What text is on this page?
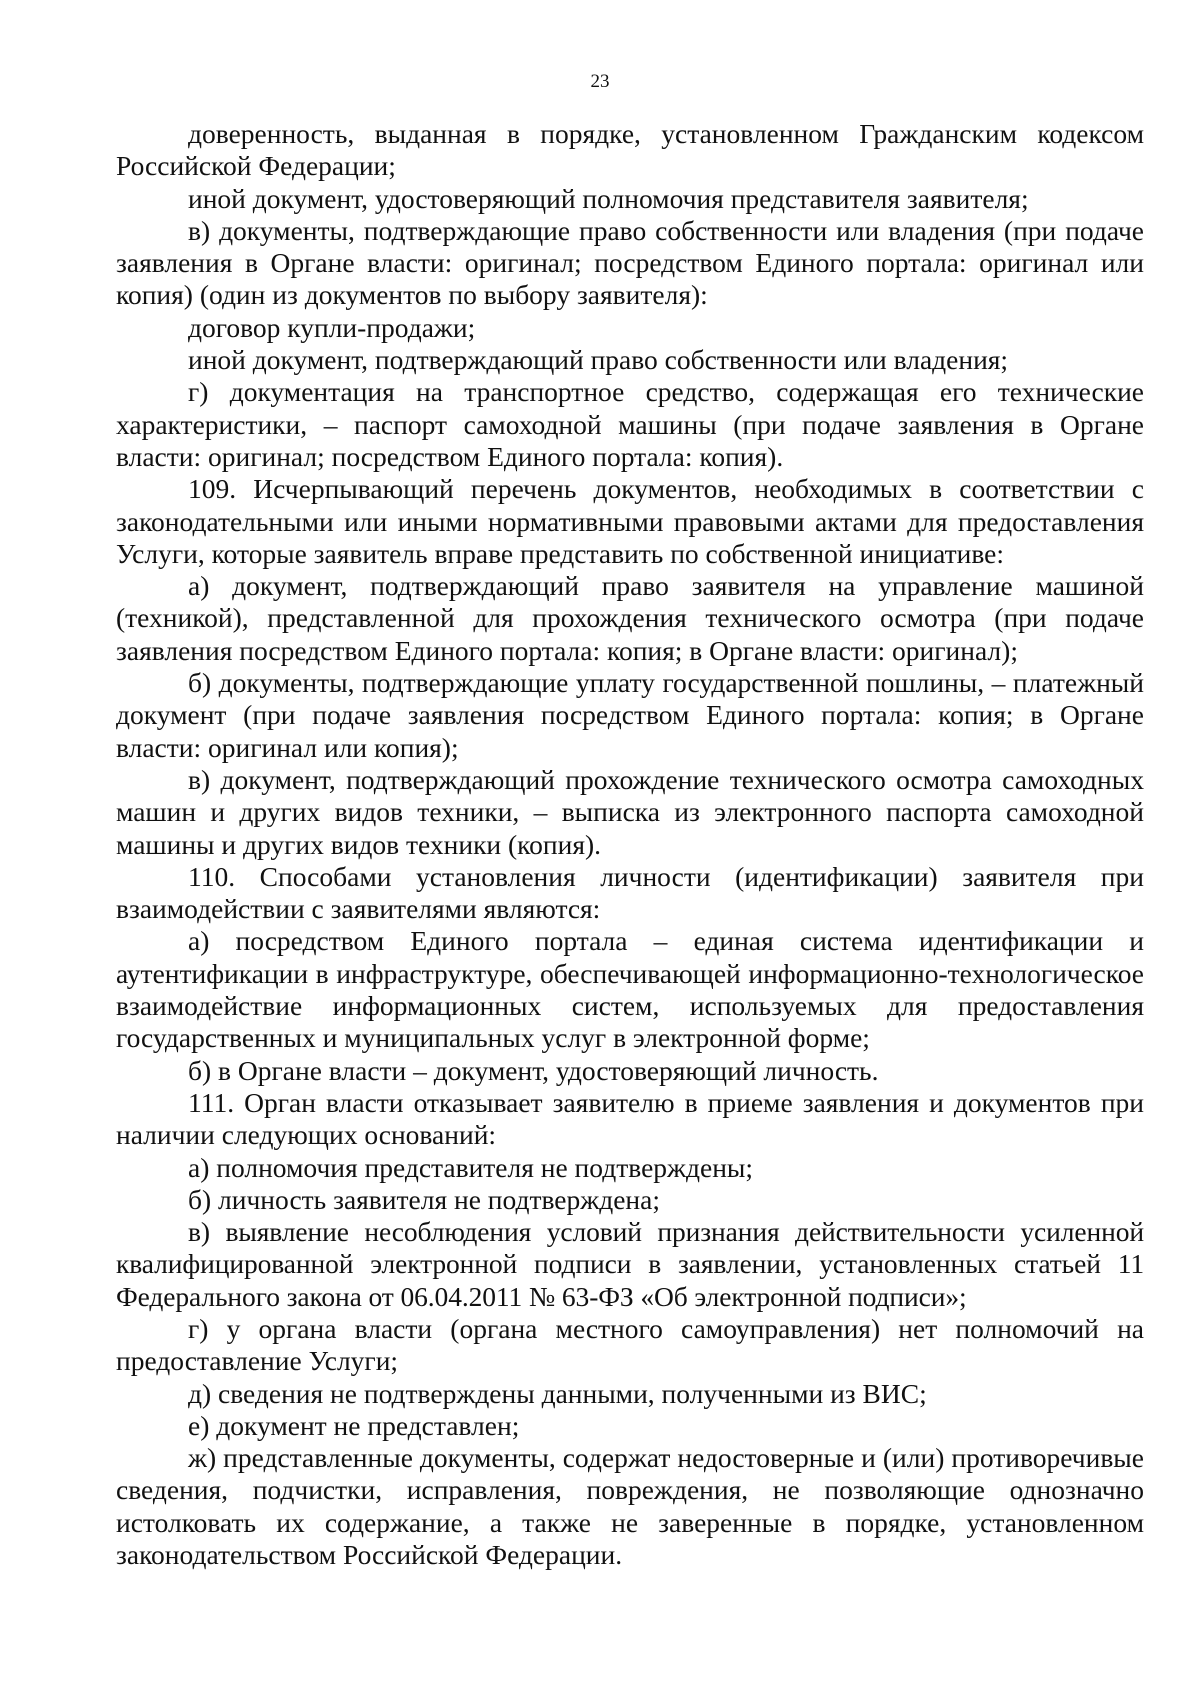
23

доверенность, выданная в порядке, установленном Гражданским кодексом Российской Федерации;

иной документ, удостоверяющий полномочия представителя заявителя;

в) документы, подтверждающие право собственности или владения (при подаче заявления в Органе власти: оригинал; посредством Единого портала: оригинал или копия) (один из документов по выбору заявителя):

договор купли-продажи;

иной документ, подтверждающий право собственности или владения;

г) документация на транспортное средство, содержащая его технические характеристики, – паспорт самоходной машины (при подаче заявления в Органе власти: оригинал; посредством Единого портала: копия).

109. Исчерпывающий перечень документов, необходимых в соответствии с законодательными или иными нормативными правовыми актами для предоставления Услуги, которые заявитель вправе представить по собственной инициативе:

а) документ, подтверждающий право заявителя на управление машиной (техникой), представленной для прохождения технического осмотра (при подаче заявления посредством Единого портала: копия; в Органе власти: оригинал);

б) документы, подтверждающие уплату государственной пошлины, – платежный документ (при подаче заявления посредством Единого портала: копия; в Органе власти: оригинал или копия);

в) документ, подтверждающий прохождение технического осмотра самоходных машин и других видов техники, – выписка из электронного паспорта самоходной машины и других видов техники (копия).

110. Способами установления личности (идентификации) заявителя при взаимодействии с заявителями являются:

а) посредством Единого портала – единая система идентификации и аутентификации в инфраструктуре, обеспечивающей информационно-технологическое взаимодействие информационных систем, используемых для предоставления государственных и муниципальных услуг в электронной форме;

б) в Органе власти – документ, удостоверяющий личность.

111. Орган власти отказывает заявителю в приеме заявления и документов при наличии следующих оснований:

а) полномочия представителя не подтверждены;

б) личность заявителя не подтверждена;

в) выявление несоблюдения условий признания действительности усиленной квалифицированной электронной подписи в заявлении, установленных статьей 11 Федерального закона от 06.04.2011 № 63-ФЗ «Об электронной подписи»;

г) у органа власти (органа местного самоуправления) нет полномочий на предоставление Услуги;

д) сведения не подтверждены данными, полученными из ВИС;

е) документ не представлен;

ж) представленные документы, содержат недостоверные и (или) противоречивые сведения, подчистки, исправления, повреждения, не позволяющие однозначно истолковать их содержание, а также не заверенные в порядке, установленном законодательством Российской Федерации.
